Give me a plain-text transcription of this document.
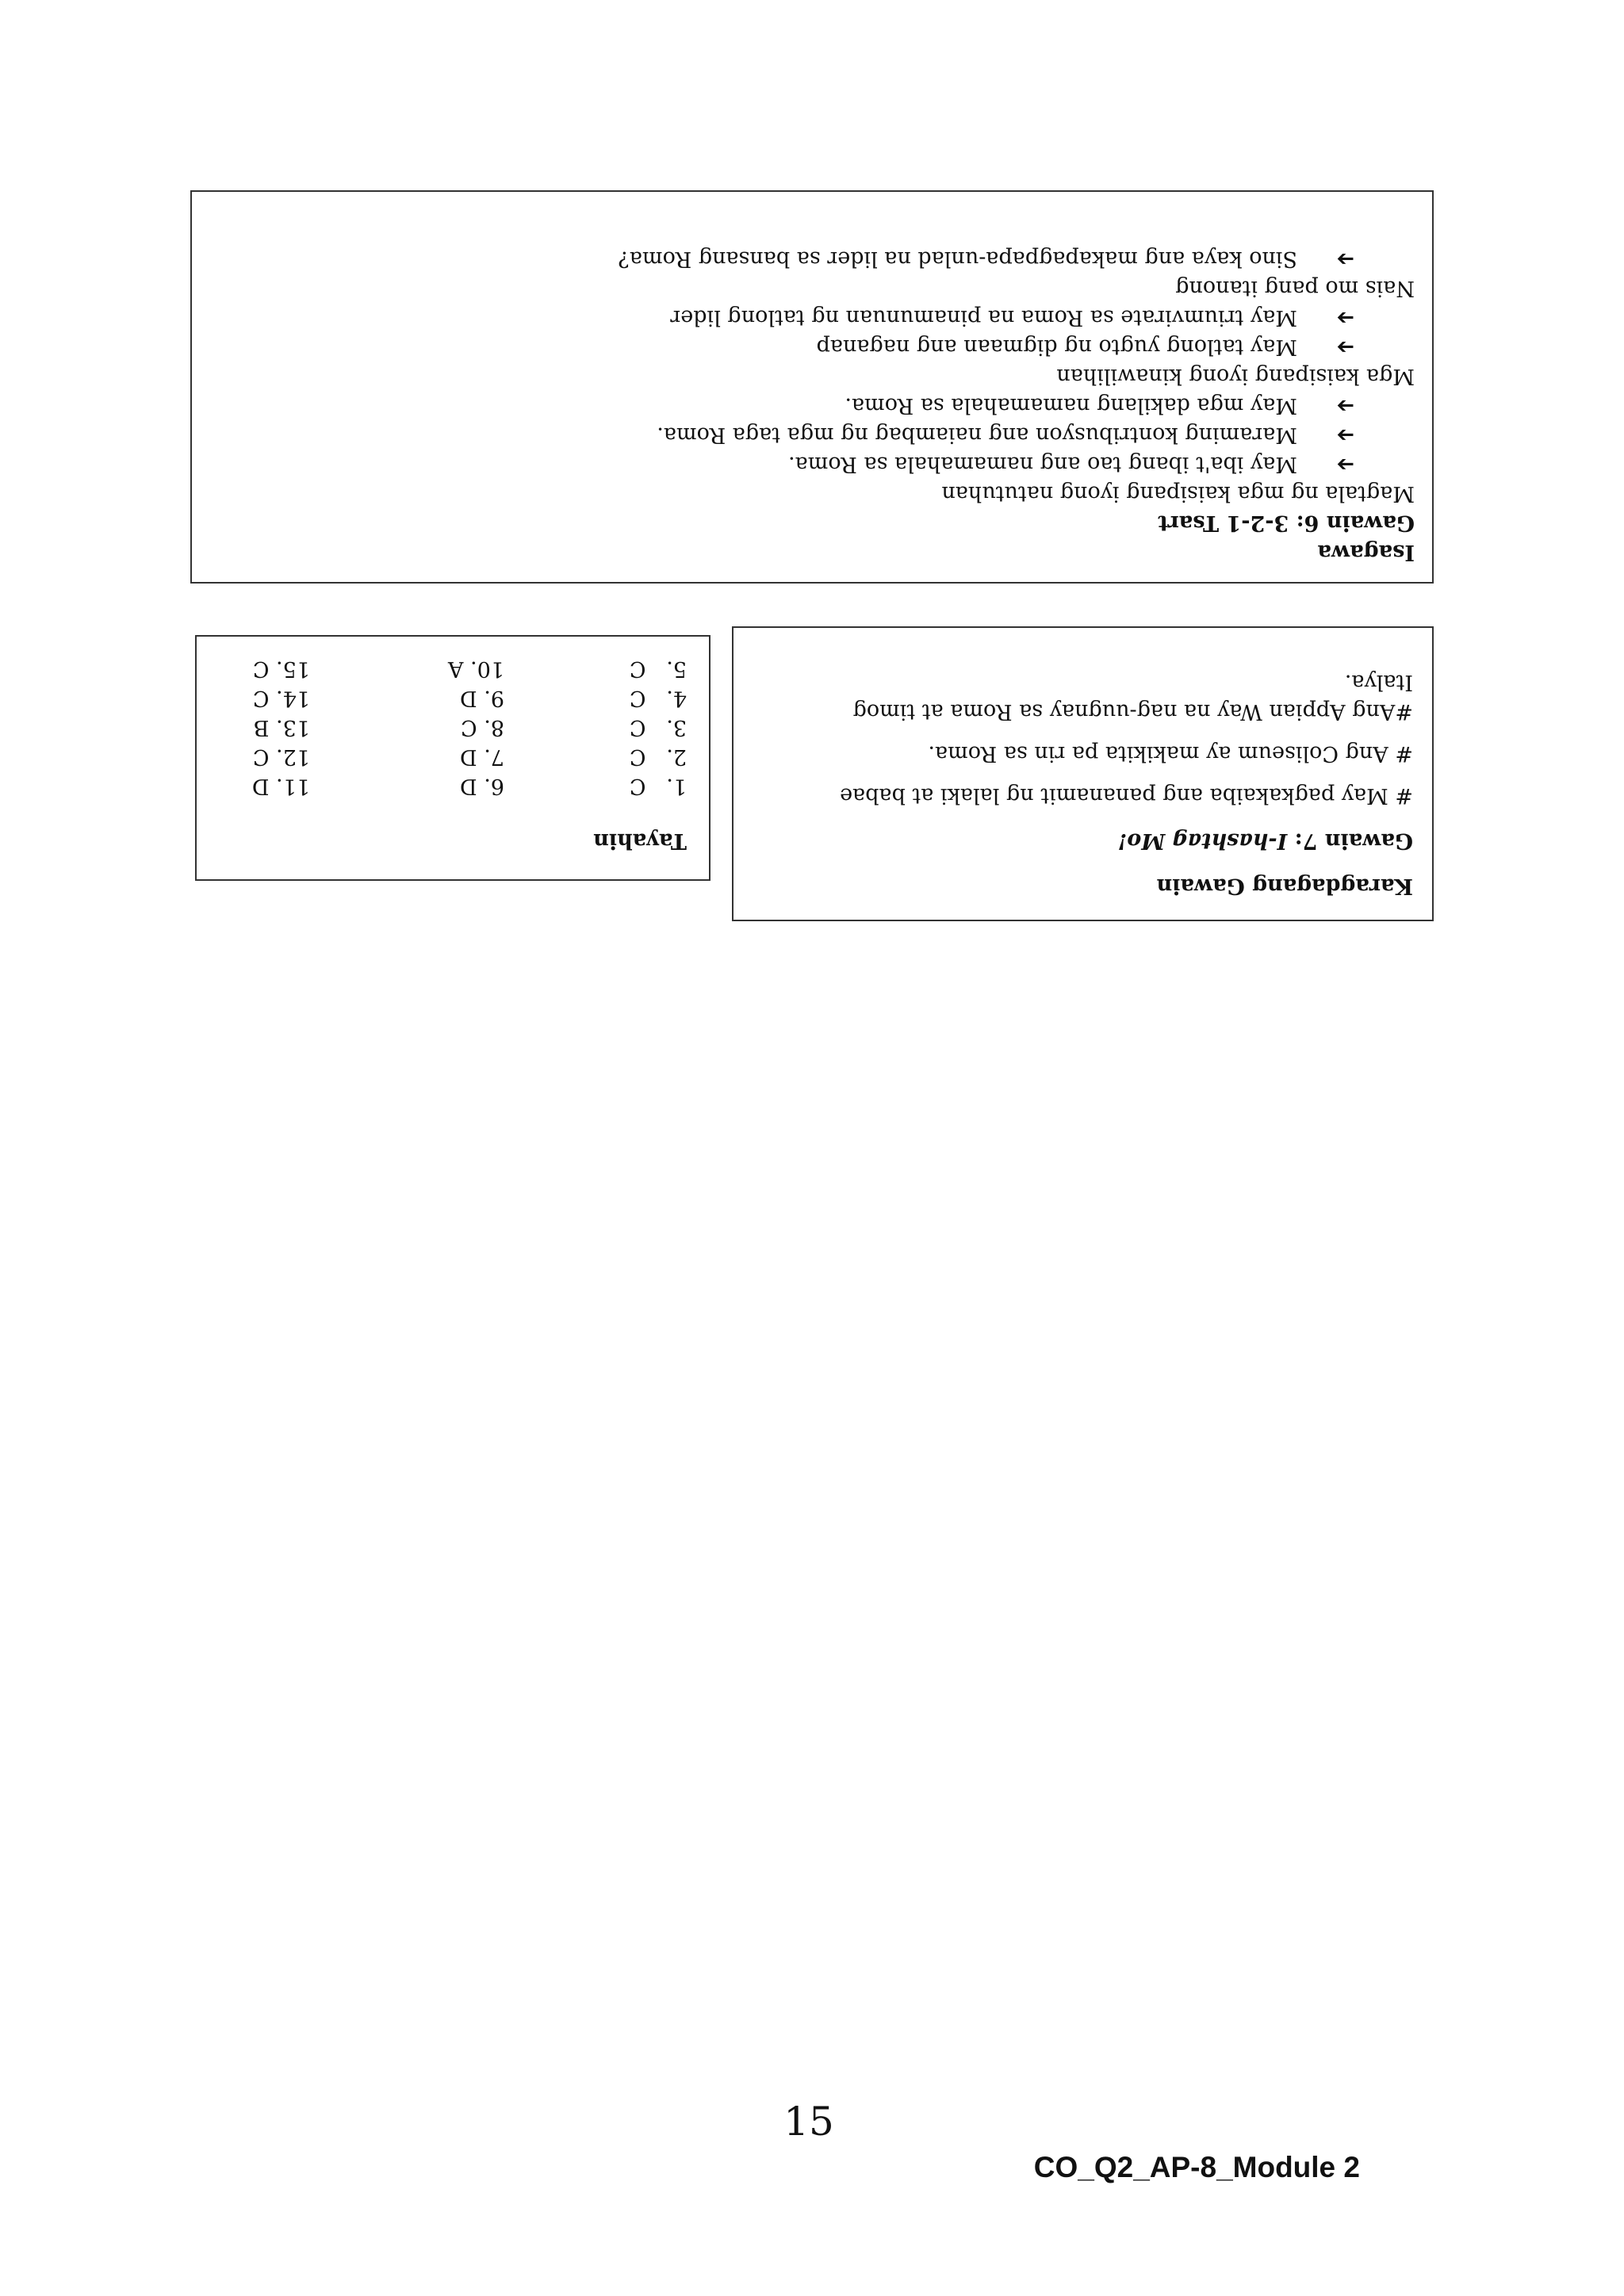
Isagawa

Gawain 6: 3-2-1 Tsart

Magtala ng mga kaisipang iyong natutuhan

➔
May iba't ibang tao ang namamahala sa Roma.
➔
Maraming kontribusyon ang naiambag ng mga taga Roma.
➔
May mga dakilang namamahala sa Roma.

Mga kaisipang iyong kinawilihan

➔
May tatlong yugto ng digmaan ang naganap
➔
May triumvirate sa Roma na pinamunuan ng tatlong lider

Nais mo pang itanong

➔
Sino kaya ang makapagpapa-unlad na lider sa bansang Roma?

Karagdagang Gawain

Gawain 7: I-hashtag Mo!

# May pagkakaiba ang pananamit ng lalaki at babae

# Ang Coliseum ay makikita pa rin sa Roma.

#Ang Appian Way na nag-uugnay sa Roma at timog

Italya.

Tayahin

1.   C

2.   C

3.   C

4.   C

5.   C

6. D

7. D

8. C

9. D

10. A

11. D

12. C

13. B

14. C

15. C

15
CO_Q2_AP-8_Module 2
